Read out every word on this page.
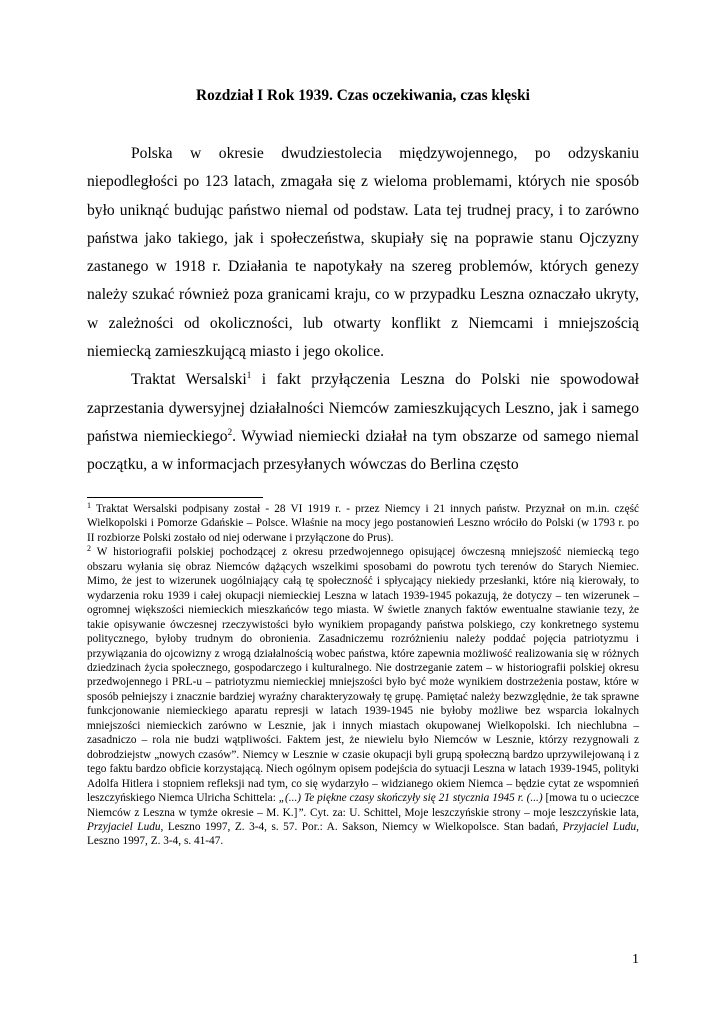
Rozdział I Rok 1939. Czas oczekiwania, czas klęski

Polska w okresie dwudziestolecia międzywojennego, po odzyskaniu niepodległości po 123 latach, zmagała się z wieloma problemami, których nie sposób było uniknąć budując państwo niemal od podstaw. Lata tej trudnej pracy, i to zarówno państwa jako takiego, jak i społeczeństwa, skupiały się na poprawie stanu Ojczyzny zastanego w 1918 r. Działania te napotykały na szereg problemów, których genezy należy szukać również poza granicami kraju, co w przypadku Leszna oznaczało ukryty, w zależności od okoliczności, lub otwarty konflikt z Niemcami i mniejszością niemiecką zamieszkującą miasto i jego okolice.

Traktat Wersalski$^1$ i fakt przyłączenia Leszna do Polski nie spowodował zaprzestania dywersyjnej działalności Niemców zamieszkujących Leszno, jak i samego państwa niemieckiego$^2$. Wywiad niemiecki działał na tym obszarze od samego niemal początku, a w informacjach przesyłanych wówczas do Berlina często

$^1$ Traktat Wersalski podpisany został - 28 VI 1919 r. - przez Niemcy i 21 innych państw. Przyznał on m.in. część Wielkopolski i Pomorze Gdańskie – Polsce. Właśnie na mocy jego postanowień Leszno wróciło do Polski (w 1793 r. po II rozbiorze Polski zostało od niej oderwane i przyłączone do Prus).

$^2$ W historiografii polskiej pochodzącej z okresu przedwojennego opisującej ówczesną mniejszość niemiecką tego obszaru wyłania się obraz Niemców dążących wszelkimi sposobami do powrotu tych terenów do Starych Niemiec. Mimo, że jest to wizerunek uogólniający całą tę społeczność i spłycający niekiedy przesłanki, które nią kierowały, to wydarzenia roku 1939 i całej okupacji niemieckiej Leszna w latach 1939-1945 pokazują, że dotyczy – ten wizerunek – ogromnej większości niemieckich mieszkańców tego miasta. W świetle znanych faktów ewentualne stawianie tezy, że takie opisywanie ówczesnej rzeczywistości było wynikiem propagandy państwa polskiego, czy konkretnego systemu politycznego, byłoby trudnym do obronienia. Zasadniczemu rozróżnieniu należy poddać pojęcia patriotyzmu i przywiązania do ojcowizny z wrogą działalnością wobec państwa, które zapewnia możliwość realizowania się w różnych dziedzinach życia społecznego, gospodarczego i kulturalnego. Nie dostrzeganie zatem – w historiografii polskiej okresu przedwojennego i PRL-u – patriotyzmu niemieckiej mniejszości było być może wynikiem dostrzeżenia postaw, które w sposób pełniejszy i znacznie bardziej wyraźny charakteryzowały tę grupę. Pamiętać należy bezwzględnie, że tak sprawne funkcjonowanie niemieckiego aparatu represji w latach 1939-1945 nie byłoby możliwe bez wsparcia lokalnych mniejszości niemieckich zarówno w Lesznie, jak i innych miastach okupowanej Wielkopolski. Ich niechlubna – zasadniczo – rola nie budzi wątpliwości. Faktem jest, że niewielu było Niemców w Lesznie, którzy rezygnowali z dobrodziejstw „nowych czasów”. Niemcy w Lesznie w czasie okupacji byli grupą społeczną bardzo uprzywilejowaną i z tego faktu bardzo obficie korzystającą. Niech ogólnym opisem podejścia do sytuacji Leszna w latach 1939-1945, polityki Adolfa Hitlera i stopniem refleksji nad tym, co się wydarzyło – widzianego okiem Niemca – będzie cytat ze wspomnień leszczyńskiego Niemca Ulricha Schittela: „(...) Te piękne czasy skończyły się 21 stycznia 1945 r. (...) [mowa tu o ucieczce Niemców z Leszna w tymże okresie – M. K.]”. Cyt. za: U. Schittel, Moje leszczyńskie strony – moje leszczyńskie lata, Przyjaciel Ludu, Leszno 1997, Z. 3-4, s. 57. Por.: A. Sakson, Niemcy w Wielkopolsce. Stan badań, Przyjaciel Ludu, Leszno 1997, Z. 3-4, s. 41-47.

1
